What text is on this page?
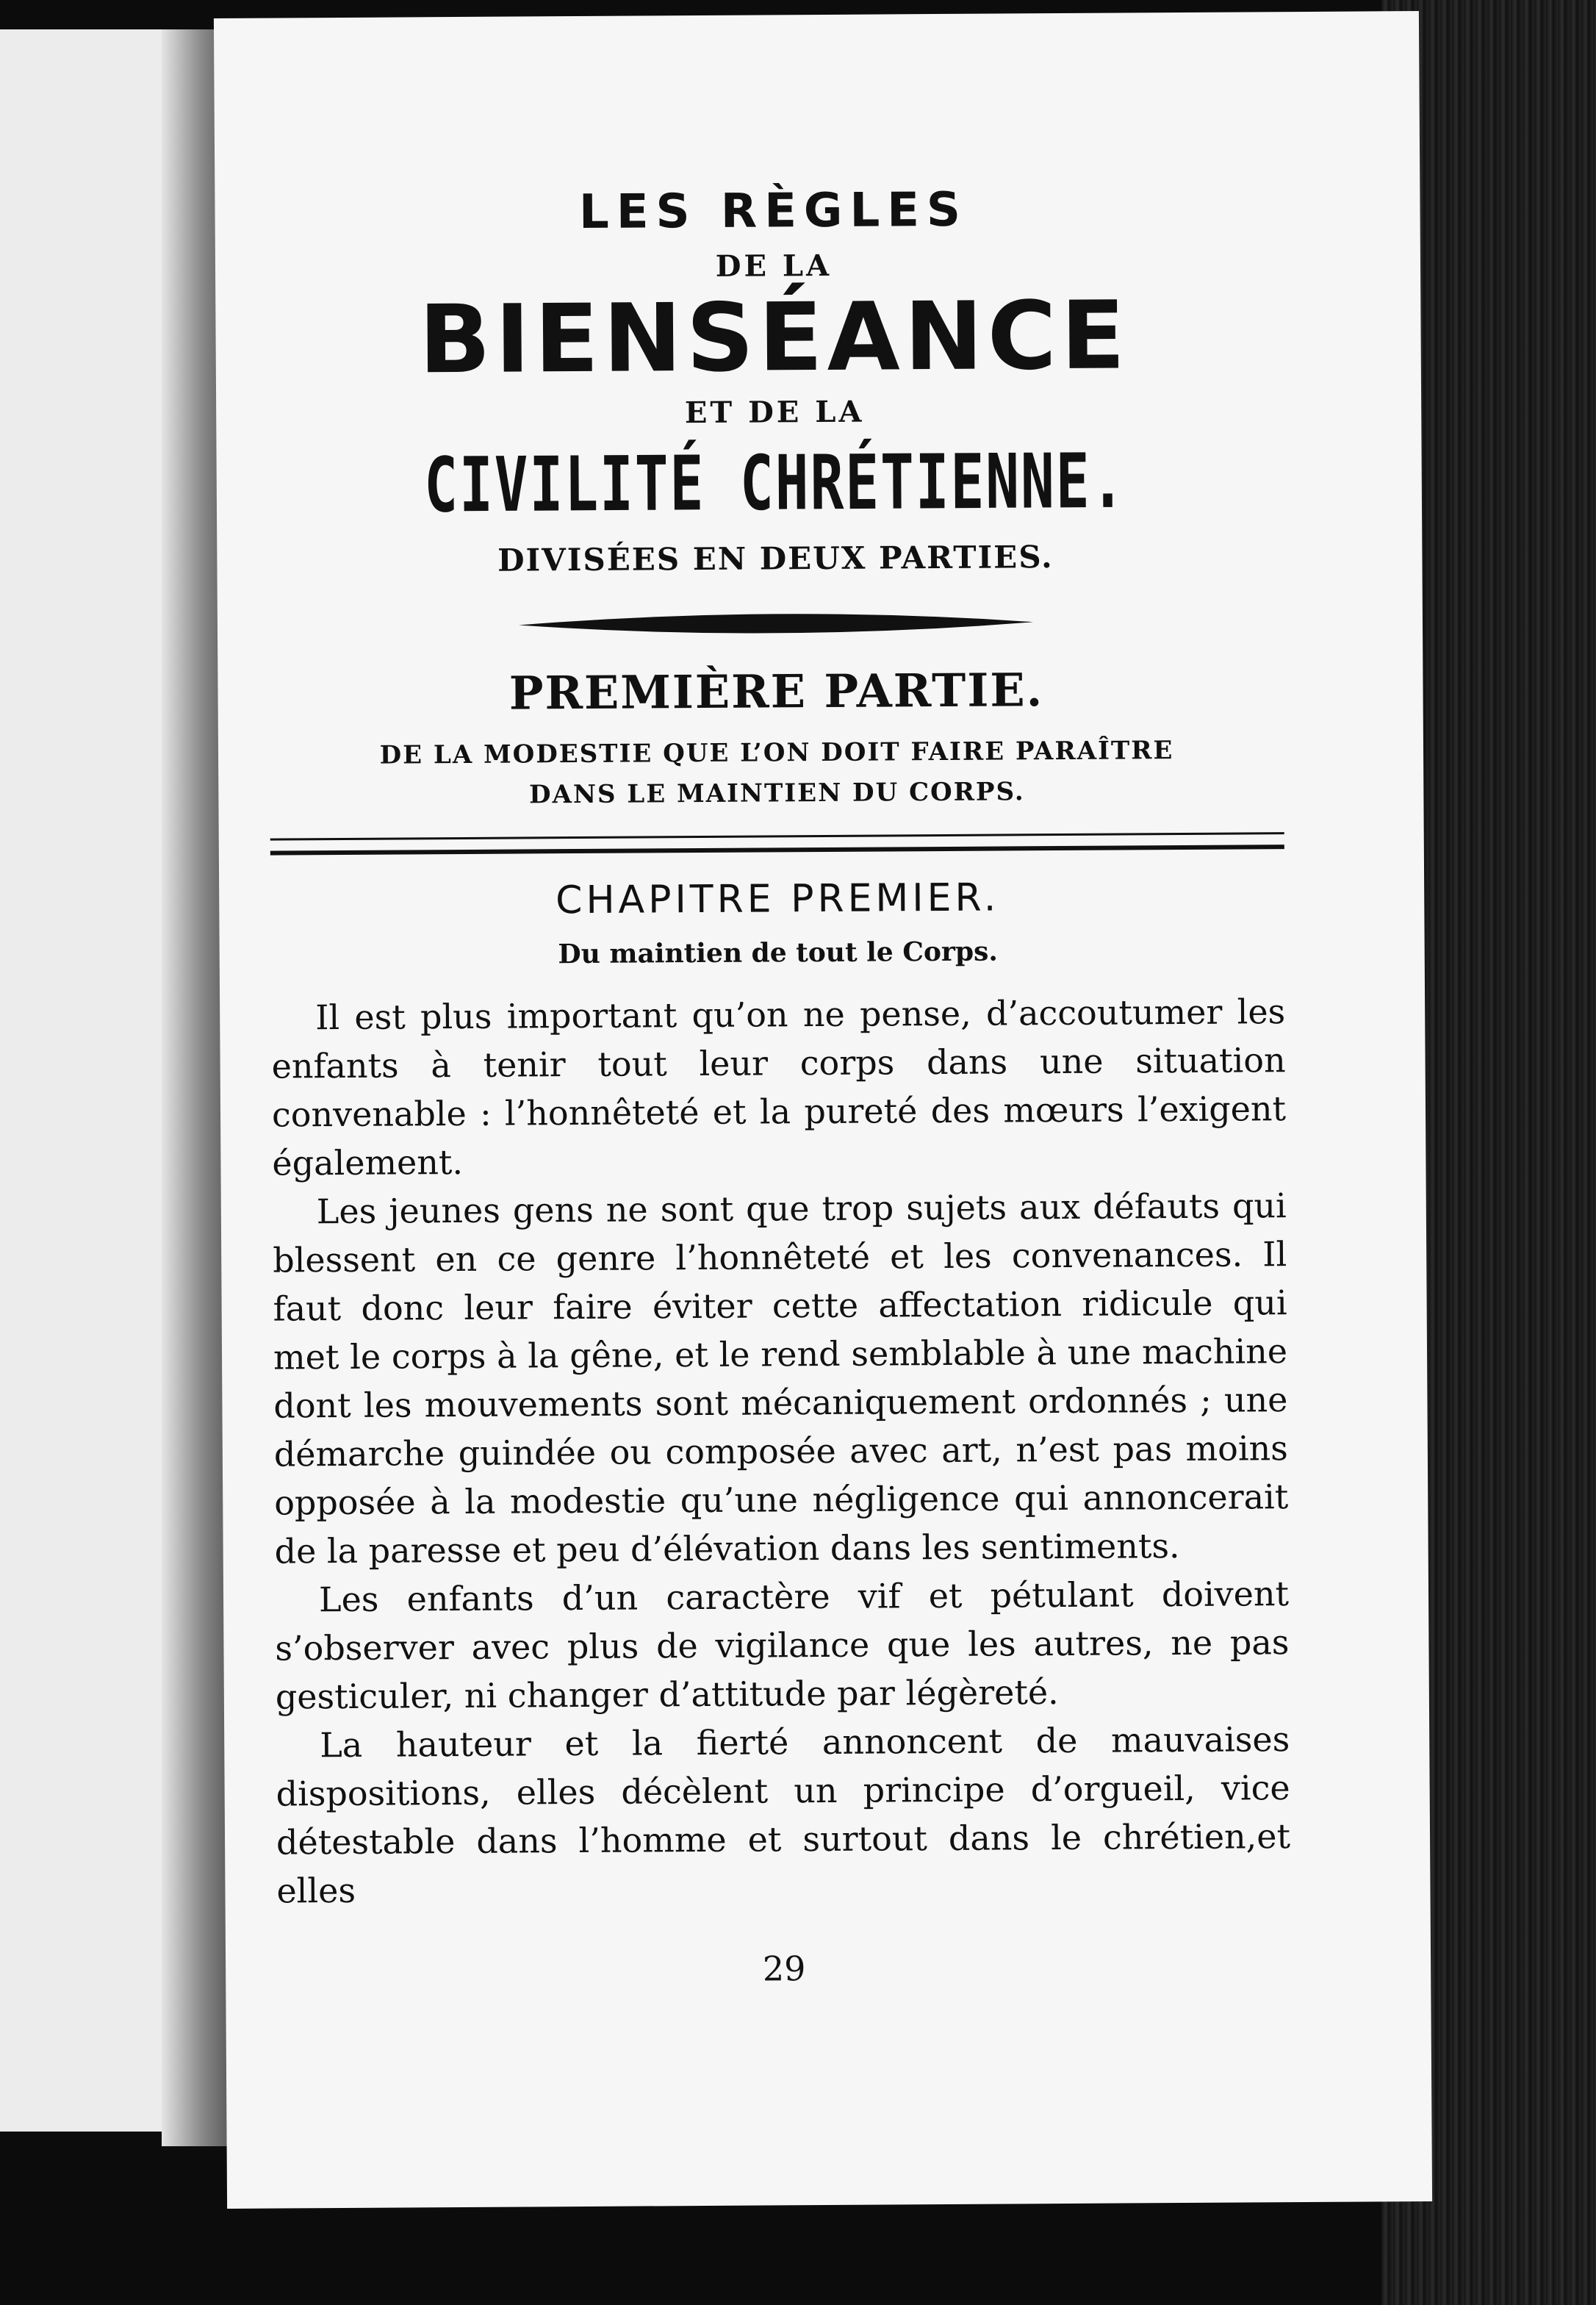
LES RÈGLES
DE LA
BIENSÉANCE
ET DE LA
CIVILITÉ CHRÉTIENNE.
DIVISÉES EN DEUX PARTIES.
PREMIÈRE PARTIE.
DE LA MODESTIE QUE L’ON DOIT FAIRE PARAÎTRE
DANS LE MAINTIEN DU CORPS.
CHAPITRE PREMIER.
Du maintien de tout le Corps.

Il est plus important qu’on ne pense, d’accoutumer les enfants à tenir tout leur corps dans une situation convenable : l’honnêteté et la pureté des mœurs l’exigent également.

Les jeunes gens ne sont que trop sujets aux défauts qui blessent en ce genre l’honnêteté et les convenances. Il faut donc leur faire éviter cette affectation ridicule qui met le corps à la gêne, et le rend semblable à une machine dont les mouvements sont mécaniquement ordonnés ; une démarche guindée ou composée avec art, n’est pas moins opposée à la modestie qu’une négligence qui annoncerait de la paresse et peu d’élévation dans les sentiments.

Les enfants d’un caractère vif et pétulant doivent s’observer avec plus de vigilance que les autres, ne pas gesticuler, ni changer d’attitude par légèreté.

La hauteur et la fierté annoncent de mauvaises dispositions, elles décèlent un principe d’orgueil, vice détestable dans l’homme et surtout dans le chrétien,et elles

29
